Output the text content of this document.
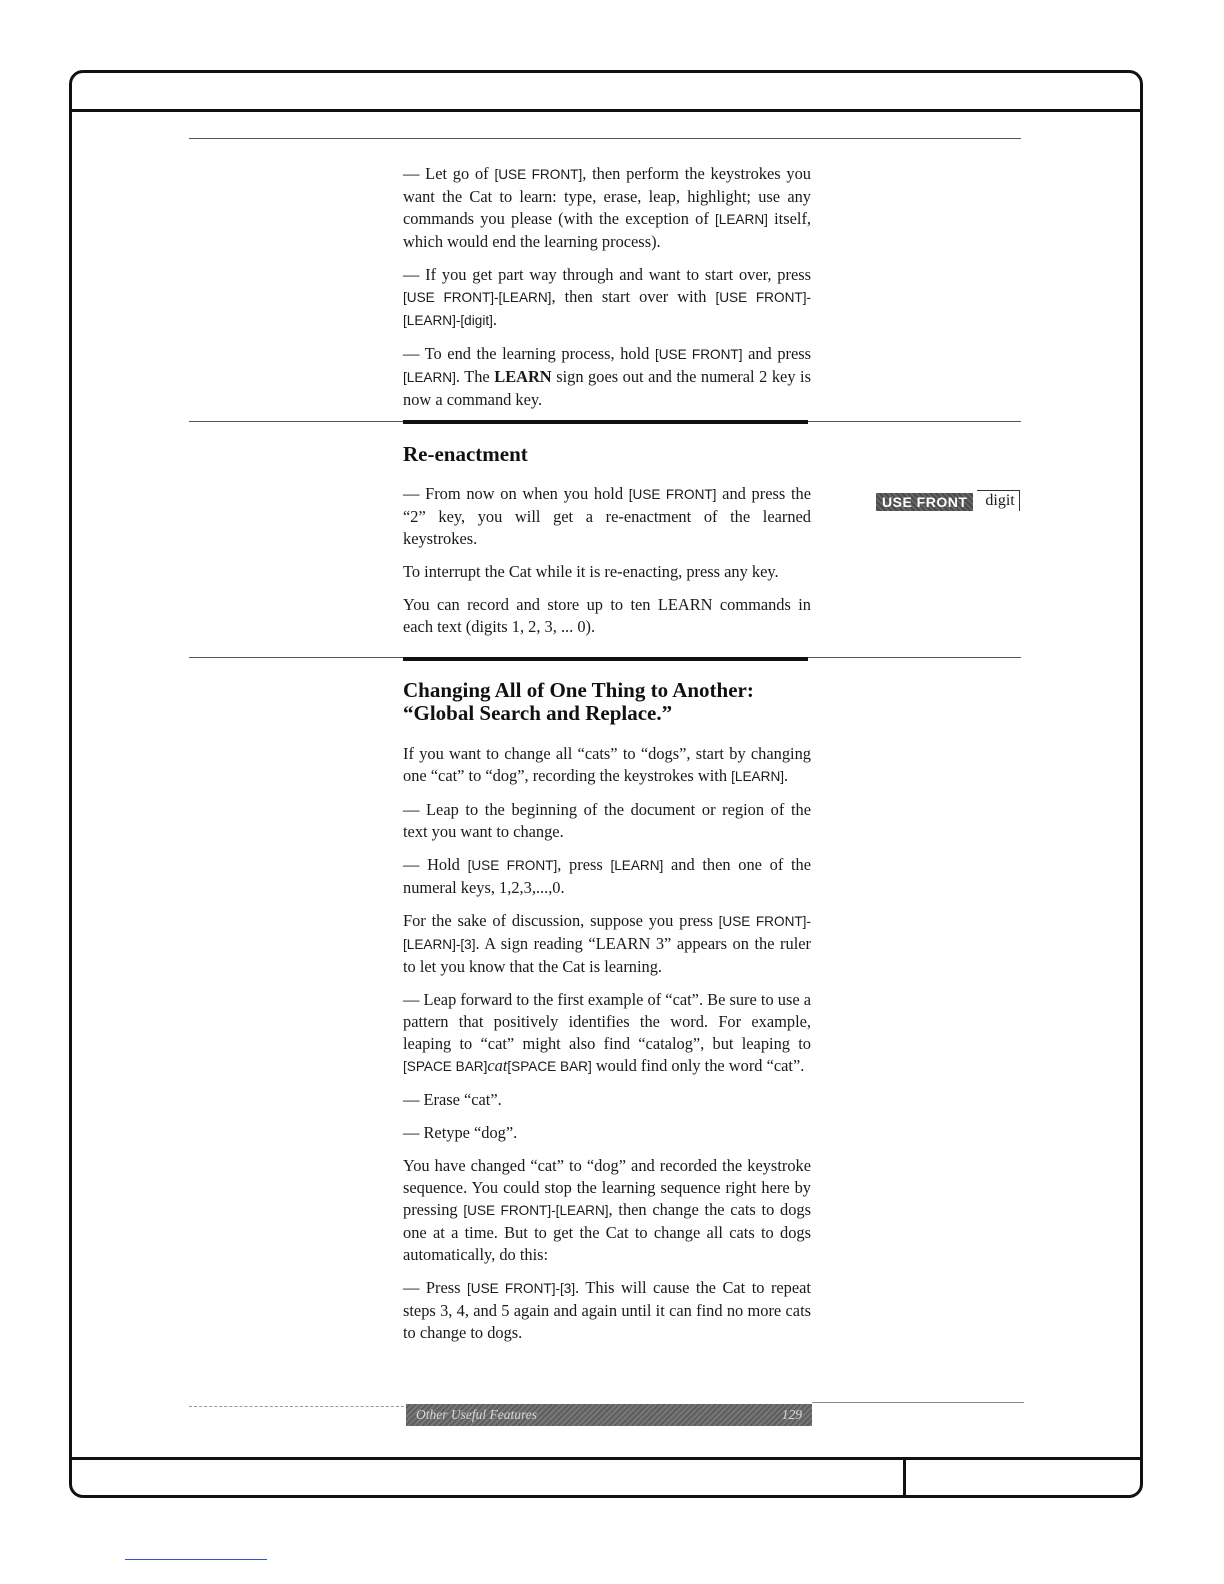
— Let go of [USE FRONT], then perform the keystrokes you want the Cat to learn: type, erase, leap, highlight; use any commands you please (with the exception of [LEARN] itself, which would end the learning process).

— If you get part way through and want to start over, press [USE FRONT]-[LEARN], then start over with [USE FRONT]-[LEARN]-[digit].

— To end the learning process, hold [USE FRONT] and press [LEARN]. The LEARN sign goes out and the numeral 2 key is now a command key.

Re-enactment

— From now on when you hold [USE FRONT] and press the “2” key, you will get a re-enactment of the learned keystrokes.

To interrupt the Cat while it is re-enacting, press any key.

You can record and store up to ten LEARN commands in each text (digits 1, 2, 3, ... 0).

USE FRONT	digit
Changing All of One Thing to Another:
“Global Search and Replace.”

If you want to change all “cats” to “dogs”, start by changing one “cat” to “dog”, recording the keystrokes with [LEARN].

— Leap to the beginning of the document or region of the text you want to change.

— Hold [USE FRONT], press [LEARN] and then one of the numeral keys, 1,2,3,...,0.

For the sake of discussion, suppose you press [USE FRONT]-[LEARN]-[3]. A sign reading “LEARN 3” appears on the ruler to let you know that the Cat is learning.

— Leap forward to the first example of “cat”. Be sure to use a pattern that positively identifies the word. For example, leaping to “cat” might also find “catalog”, but leaping to [SPACE BAR]cat[SPACE BAR] would find only the word “cat”.

— Erase “cat”.

— Retype “dog”.

You have changed “cat” to “dog” and recorded the keystroke sequence. You could stop the learning sequence right here by pressing [USE FRONT]-[LEARN], then change the cats to dogs one at a time. But to get the Cat to change all cats to dogs automatically, do this:

— Press [USE FRONT]-[3]. This will cause the Cat to repeat steps 3, 4, and 5 again and again until it can find no more cats to change to dogs.

Other Useful Features	129
